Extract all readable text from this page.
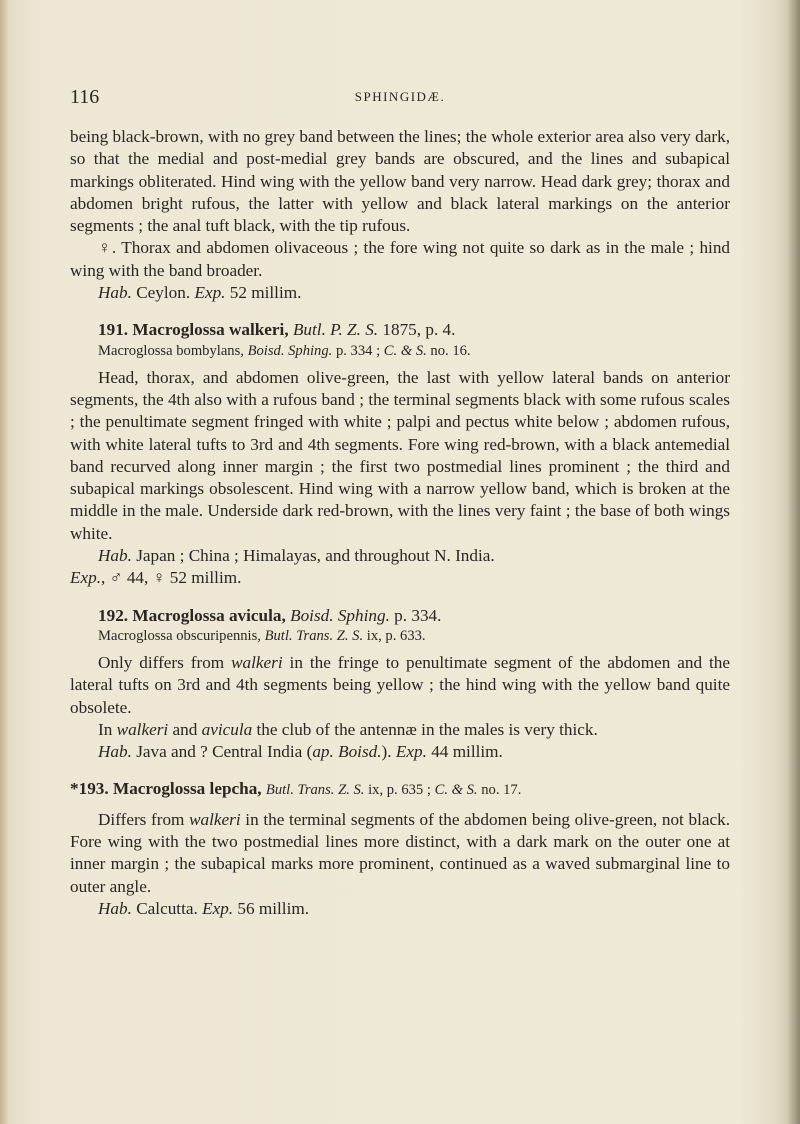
116	SPHINGIDÆ.

being black-brown, with no grey band between the lines; the whole exterior area also very dark, so that the medial and post-medial grey bands are obscured, and the lines and subapical markings obliterated. Hind wing with the yellow band very narrow. Head dark grey; thorax and abdomen bright rufous, the latter with yellow and black lateral markings on the anterior segments ; the anal tuft black, with the tip rufous.

♀. Thorax and abdomen olivaceous ; the fore wing not quite so dark as in the male ; hind wing with the band broader.

Hab. Ceylon. Exp. 52 millim.

191. Macroglossa walkeri, Butl. P. Z. S. 1875, p. 4.

Macroglossa bombylans, Boisd. Sphing. p. 334 ; C. & S. no. 16.

Head, thorax, and abdomen olive-green, the last with yellow lateral bands on anterior segments, the 4th also with a rufous band ; the terminal segments black with some rufous scales ; the penultimate segment fringed with white ; palpi and pectus white below ; abdomen rufous, with white lateral tufts to 3rd and 4th segments. Fore wing red-brown, with a black antemedial band recurved along inner margin ; the first two postmedial lines prominent ; the third and subapical markings obsolescent. Hind wing with a narrow yellow band, which is broken at the middle in the male. Underside dark red-brown, with the lines very faint ; the base of both wings white.

Hab. Japan ; China ; Himalayas, and throughout N. India.

Exp., ♂ 44, ♀ 52 millim.

192. Macroglossa avicula, Boisd. Sphing. p. 334.

Macroglossa obscuripennis, Butl. Trans. Z. S. ix, p. 633.

Only differs from walkeri in the fringe to penultimate segment of the abdomen and the lateral tufts on 3rd and 4th segments being yellow ; the hind wing with the yellow band quite obsolete.

In walkeri and avicula the club of the antennæ in the males is very thick.

Hab. Java and ? Central India (ap. Boisd.). Exp. 44 millim.

*193. Macroglossa lepcha, Butl. Trans. Z. S. ix, p. 635 ; C. & S. no. 17.

Differs from walkeri in the terminal segments of the abdomen being olive-green, not black. Fore wing with the two postmedial lines more distinct, with a dark mark on the outer one at inner margin ; the subapical marks more prominent, continued as a waved submarginal line to outer angle.

Hab. Calcutta. Exp. 56 millim.
